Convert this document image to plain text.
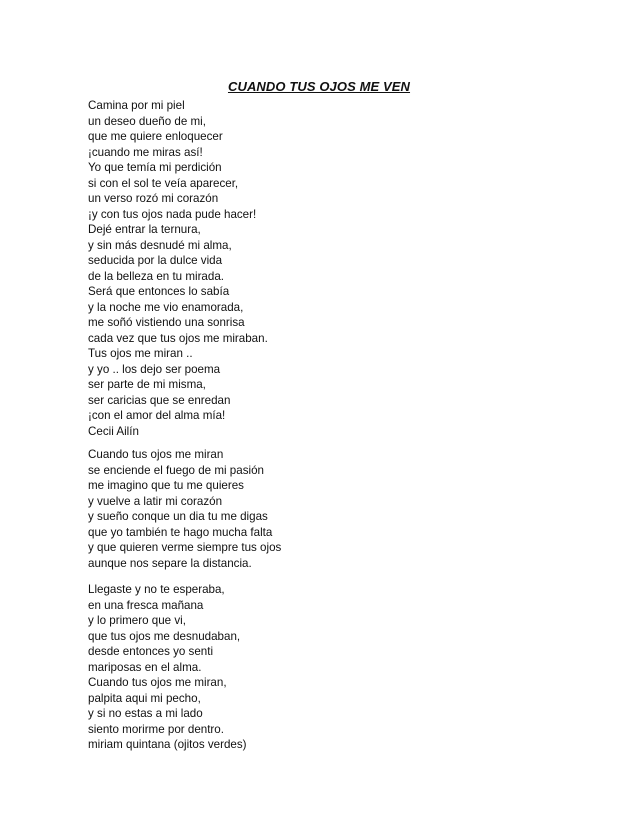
CUANDO TUS OJOS ME VEN
Camina por mi piel
un deseo dueño de mi,
que me quiere enloquecer
¡cuando me miras así!
Yo que temía mi perdición
si con el sol te veía aparecer,
un verso rozó mi corazón
¡y con tus ojos nada pude hacer!
Dejé entrar la ternura,
y sin más desnudé mi alma,
seducida por la dulce vida
de la belleza en tu mirada.
Será que entonces lo sabía
y la noche me vio enamorada,
me soñó vistiendo una sonrisa
cada vez que tus ojos me miraban.
Tus ojos me miran ..
y yo .. los dejo ser poema
ser parte de mi misma,
ser caricias que se enredan
¡con el amor del alma mía!
Cecii Ailín
Cuando tus ojos me miran
se enciende el fuego de mi pasión
me imagino que tu me quieres
y vuelve a latir mi corazón
y sueño conque un dia tu me digas
que yo también te hago mucha falta
y que quieren verme siempre tus ojos
aunque nos separe la distancia.
Llegaste y no te esperaba,
en una fresca mañana
y lo primero que vi,
que tus ojos me desnudaban,
desde entonces yo senti
mariposas en el alma.
Cuando tus ojos me miran,
palpita aqui mi pecho,
y si no estas a mi lado
siento morirme por dentro.
miriam quintana (ojitos verdes)
